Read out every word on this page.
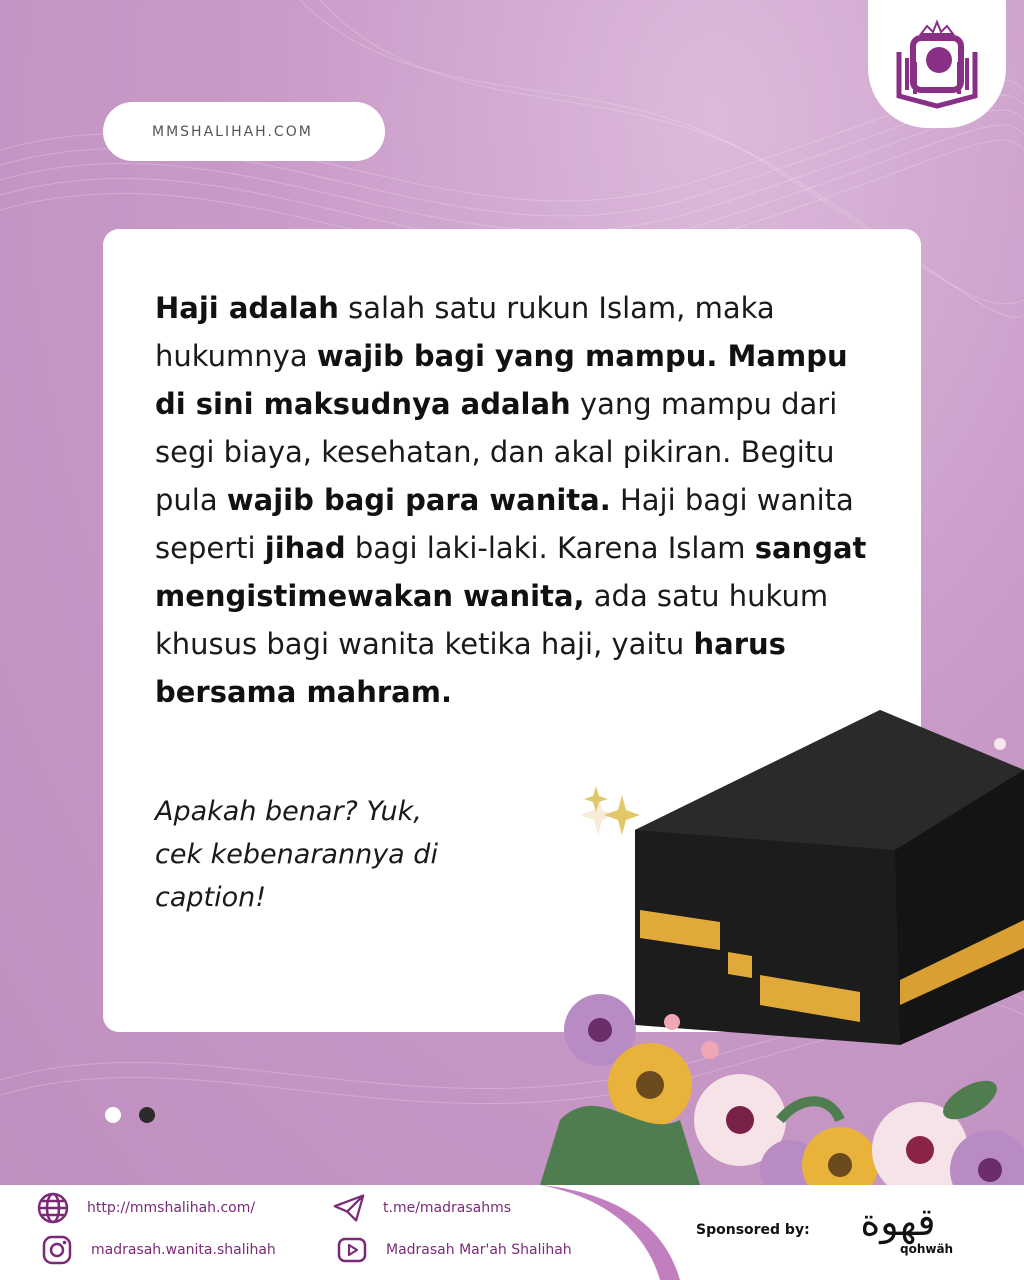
MMSHALIHAH.COM
Haji adalah salah satu rukun Islam, maka hukumnya wajib bagi yang mampu. Mampu di sini maksudnya adalah yang mampu dari segi biaya, kesehatan, dan akal pikiran. Begitu pula wajib bagi para wanita. Haji bagi wanita seperti jihad bagi laki-laki. Karena Islam sangat mengistimewakan wanita, ada satu hukum khusus bagi wanita ketika haji, yaitu harus bersama mahram.
Apakah benar? Yuk,
cek kebenarannya di
caption!
http://mmshalihah.com/
madrasah.wanita.shalihah
t.me/madrasahms
Madrasah Mar'ah Shalihah
Sponsored by:	قهوة
qohwäh
